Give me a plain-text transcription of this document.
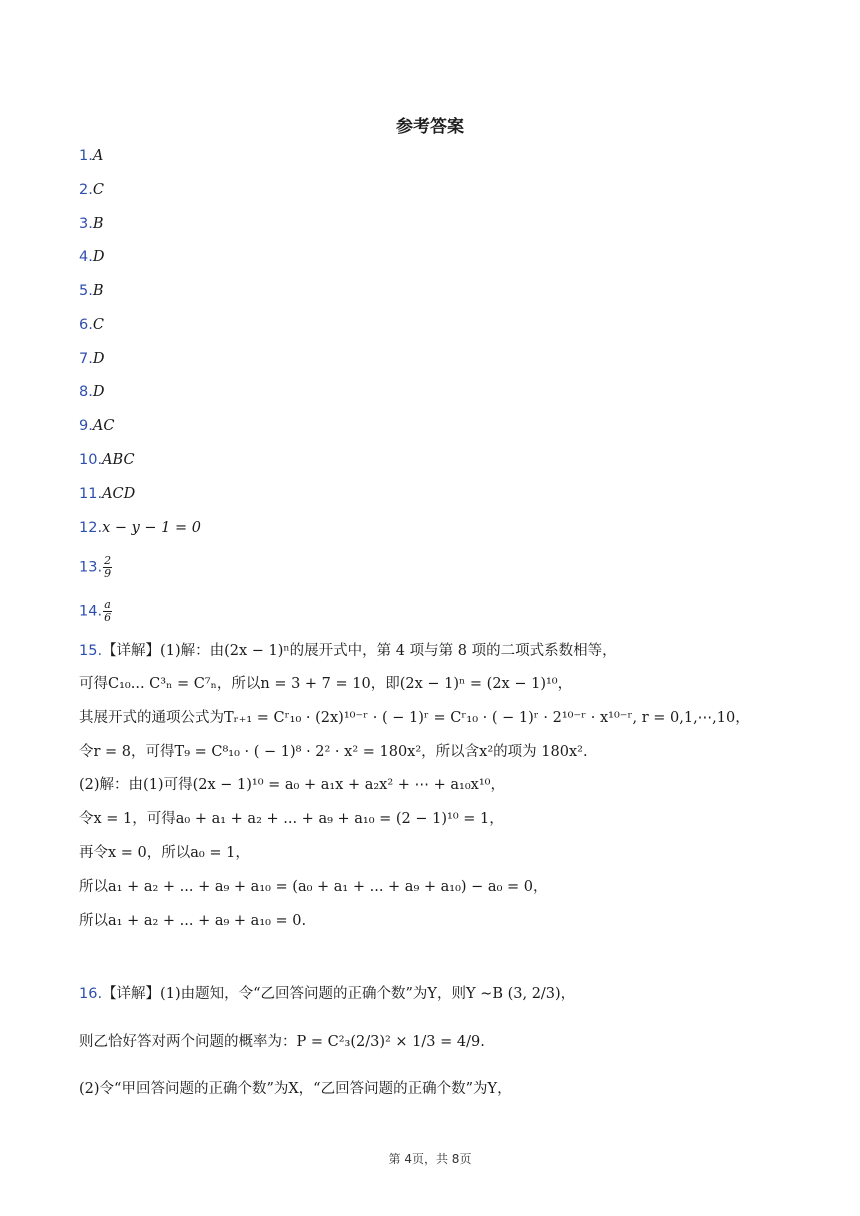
参考答案
1.A
2.C
3.B
4.D
5.B
6.C
7.D
8.D
9.AC
10.ABC
11.ACD
12.x − y − 1 = 0
13. $\frac{2}{9}$
14. $\frac{a}{6}$
15.【详解】(1)解：由(2x − 1)ⁿ的展开式中，第 4 项与第 8 项的二项式系数相等，
可得C₁₀... C³ₙ = C⁷ₙ，所以n = 3 + 7 = 10，即(2x − 1)ⁿ = (2x − 1)¹⁰，
其展开式的通项公式为Tᵣ₊₁ = Cʳ₁₀ · (2x)¹⁰⁻ʳ · ( − 1)ʳ = Cʳ₁₀ · ( − 1)ʳ · 2¹⁰⁻ʳ · x¹⁰⁻ʳ, r = 0,1,⋯,10，
令r = 8，可得T₉ = C⁸₁₀ · ( − 1)⁸ · 2² · x² = 180x²，所以含x²的项为 180x².
(2)解：由(1)可得(2x − 1)¹⁰ = a₀ + a₁x + a₂x² + ⋯ + a₁₀x¹⁰，
令x = 1，可得a₀ + a₁ + a₂ + ... + a₉ + a₁₀ = (2 − 1)¹⁰ = 1，
再令x = 0，所以a₀ = 1，
所以a₁ + a₂ + ... + a₉ + a₁₀ = (a₀ + a₁ + ... + a₉ + a₁₀) − a₀ = 0，
所以a₁ + a₂ + ... + a₉ + a₁₀ = 0.
16.【详解】(1)由题知，令“乙回答问题的正确个数”为Y，则Y ∼B (3, 2/3)，
则乙恰好答对两个问题的概率为：P = C²₃(2/3)² × 1/3 = 4/9.
(2)令“甲回答问题的正确个数”为X，“乙回答问题的正确个数”为Y，
第 4页，共 8页
